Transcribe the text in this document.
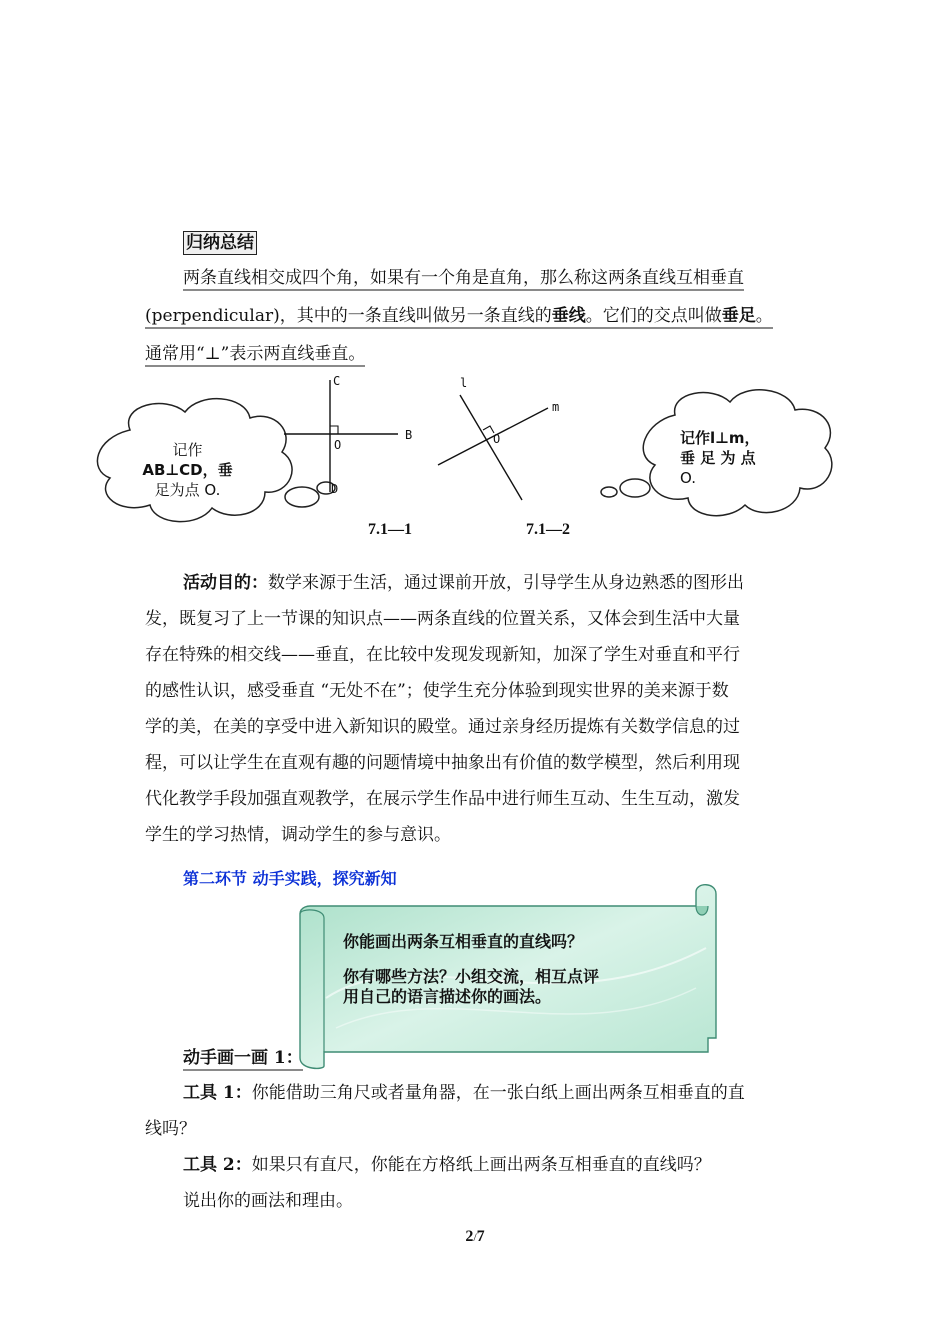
归纳总结
两条直线相交成四个角，如果有一个角是直角，那么称这两条直线互相垂直
(perpendicular)，其中的一条直线叫做另一条直线的垂线。它们的交点叫做垂足。
通常用“⊥”表示两直线垂直。
C
B
O
D
l
m
O
记作
AB⊥CD，垂
足为点 O.
记作l⊥m，
垂 足 为 点
O.
7.1—1	7.1—2
活动目的：数学来源于生活，通过课前开放，引导学生从身边熟悉的图形出
发，既复习了上一节课的知识点——两条直线的位置关系，又体会到生活中大量
存在特殊的相交线——垂直，在比较中发现发现新知，加深了学生对垂直和平行
的感性认识，感受垂直 “无处不在”；使学生充分体验到现实世界的美来源于数
学的美，在美的享受中进入新知识的殿堂。通过亲身经历提炼有关数学信息的过
程，可以让学生在直观有趣的问题情境中抽象出有价值的数学模型，然后利用现
代化教学手段加强直观教学，在展示学生作品中进行师生互动、生生互动，激发
学生的学习热情，调动学生的参与意识。
第二环节 动手实践，探究新知
你能画出两条互相垂直的直线吗？
你有哪些方法？小组交流，相互点评
用自己的语言描述你的画法。
动手画一画 1：
工具 1：你能借助三角尺或者量角器，在一张白纸上画出两条互相垂直的直
线吗？
工具 2：如果只有直尺，你能在方格纸上画出两条互相垂直的直线吗？
说出你的画法和理由。
2/7
